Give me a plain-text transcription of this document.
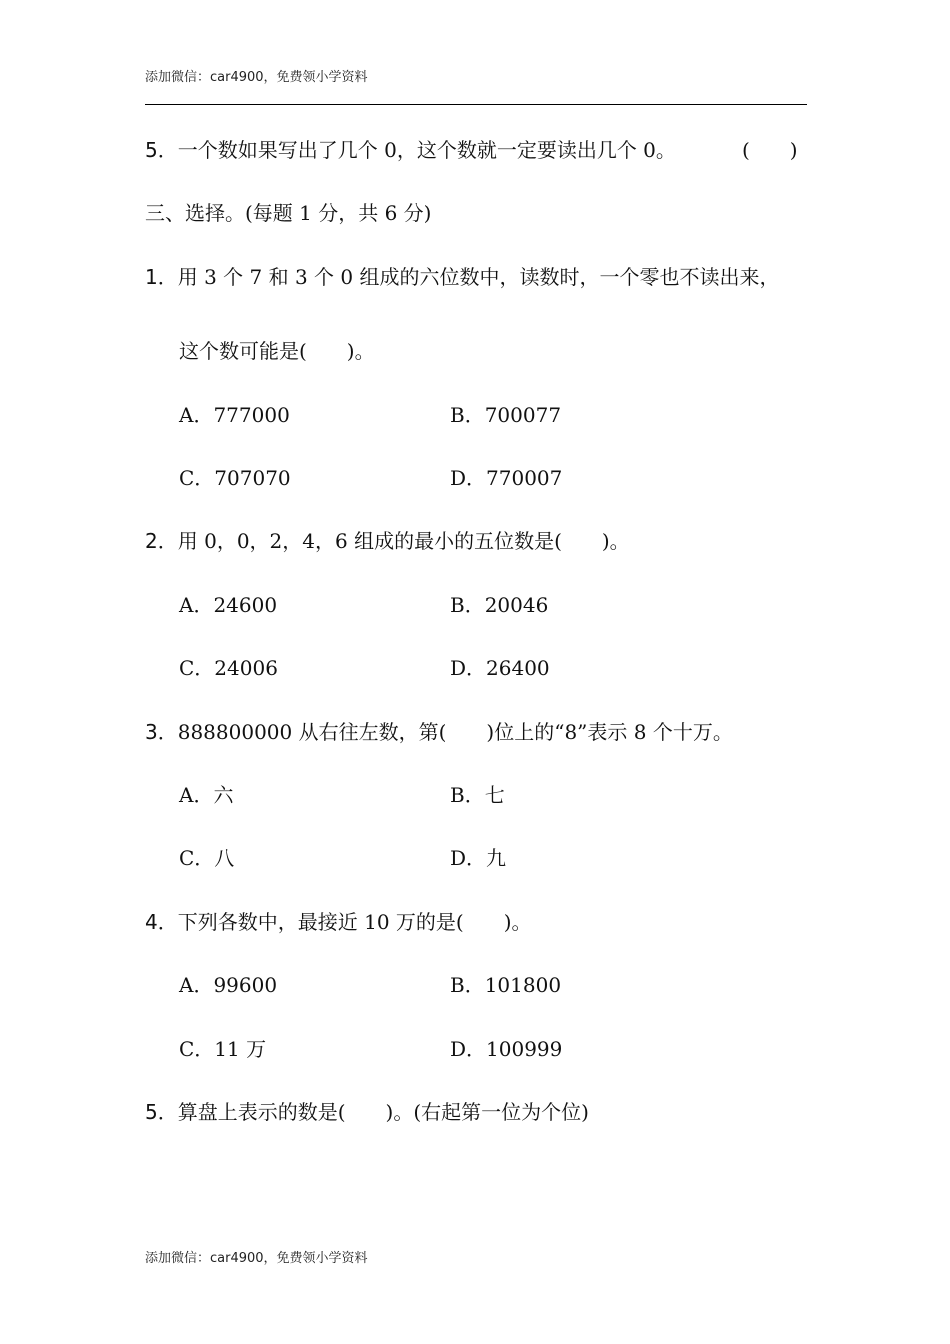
添加微信：car4900，免费领小学资料
5．一个数如果写出了几个 0，这个数就一定要读出几个 0。	(　　)
三、选择。(每题 1 分，共 6 分)
1．用 3 个 7 和 3 个 0 组成的六位数中，读数时，一个零也不读出来，
这个数可能是(　　)。
A．777000	B．700077
C．707070	D．770007
2．用 0，0，2，4，6 组成的最小的五位数是(　　)。
A．24600	B．20046
C．24006	D．26400
3．888800000 从右往左数，第(　　)位上的“8”表示 8 个十万。
A．六	B．七
C．八	D．九
4．下列各数中，最接近 10 万的是(　　)。
A．99600	B．101800
C．11 万	D．100999
5．算盘上表示的数是(　　)。(右起第一位为个位)
添加微信：car4900，免费领小学资料
